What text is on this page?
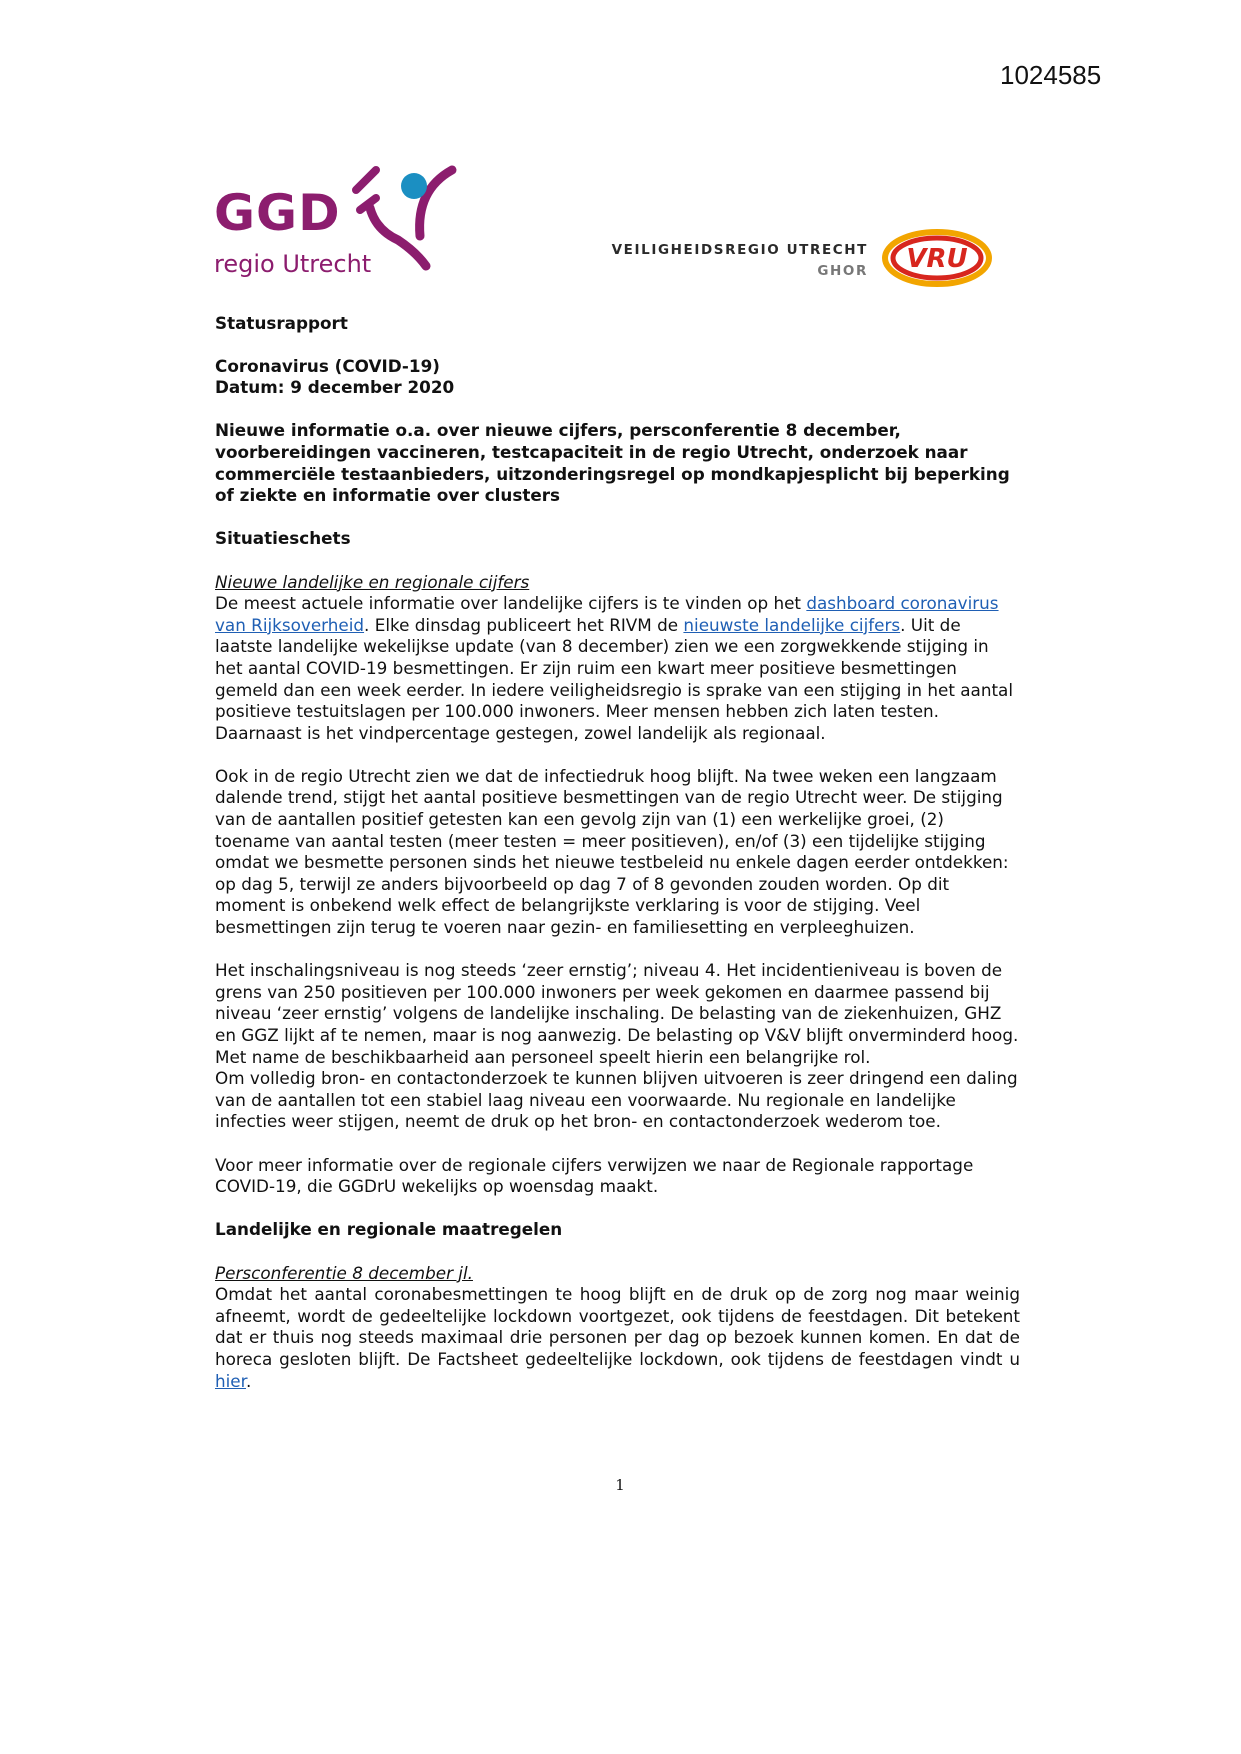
1024585
GGD
regio Utrecht	VEILIGHEIDSREGIO UTRECHT
GHOR VRU

Statusrapport

Coronavirus (COVID-19)

Datum: 9 december 2020

Nieuwe informatie o.a. over nieuwe cijfers, persconferentie 8 december, voorbereidingen vaccineren, testcapaciteit in de regio Utrecht, onderzoek naar commerciële testaanbieders, uitzonderingsregel op mondkapjesplicht bij beperking of ziekte en informatie over clusters

Situatieschets

Nieuwe landelijke en regionale cijfers

De meest actuele informatie over landelijke cijfers is te vinden op het dashboard coronavirus van Rijksoverheid. Elke dinsdag publiceert het RIVM de nieuwste landelijke cijfers. Uit de laatste landelijke wekelijkse update (van 8 december) zien we een zorgwekkende stijging in het aantal COVID-19 besmettingen. Er zijn ruim een kwart meer positieve besmettingen gemeld dan een week eerder. In iedere veiligheidsregio is sprake van een stijging in het aantal positieve testuitslagen per 100.000 inwoners. Meer mensen hebben zich laten testen. Daarnaast is het vindpercentage gestegen, zowel landelijk als regionaal.

Ook in de regio Utrecht zien we dat de infectiedruk hoog blijft. Na twee weken een langzaam dalende trend, stijgt het aantal positieve besmettingen van de regio Utrecht weer. De stijging van de aantallen positief getesten kan een gevolg zijn van (1) een werkelijke groei, (2) toename van aantal testen (meer testen = meer positieven), en/of (3) een tijdelijke stijging omdat we besmette personen sinds het nieuwe testbeleid nu enkele dagen eerder ontdekken: op dag 5, terwijl ze anders bijvoorbeeld op dag 7 of 8 gevonden zouden worden. Op dit moment is onbekend welk effect de belangrijkste verklaring is voor de stijging. Veel besmettingen zijn terug te voeren naar gezin- en familiesetting en verpleeghuizen.

Het inschalingsniveau is nog steeds ‘zeer ernstig’; niveau 4. Het incidentieniveau is boven de grens van 250 positieven per 100.000 inwoners per week gekomen en daarmee passend bij niveau ‘zeer ernstig’ volgens de landelijke inschaling. De belasting van de ziekenhuizen, GHZ en GGZ lijkt af te nemen, maar is nog aanwezig. De belasting op V&V blijft onverminderd hoog. Met name de beschikbaarheid aan personeel speelt hierin een belangrijke rol.

Om volledig bron- en contactonderzoek te kunnen blijven uitvoeren is zeer dringend een daling van de aantallen tot een stabiel laag niveau een voorwaarde. Nu regionale en landelijke infecties weer stijgen, neemt de druk op het bron- en contactonderzoek wederom toe.

Voor meer informatie over de regionale cijfers verwijzen we naar de Regionale rapportage COVID-19, die GGDrU wekelijks op woensdag maakt.

Landelijke en regionale maatregelen

Persconferentie 8 december jl.

Omdat het aantal coronabesmettingen te hoog blijft en de druk op de zorg nog maar weinig afneemt, wordt de gedeeltelijke lockdown voortgezet, ook tijdens de feestdagen. Dit betekent dat er thuis nog steeds maximaal drie personen per dag op bezoek kunnen komen. En dat de horeca gesloten blijft. De Factsheet gedeeltelijke lockdown, ook tijdens de feestdagen vindt u hier.

1
